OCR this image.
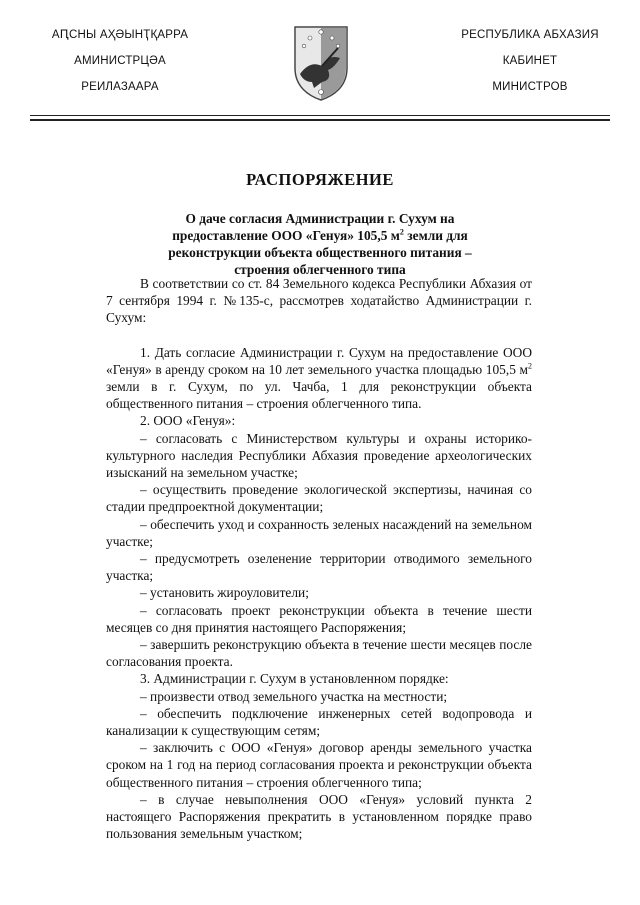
АԤСНЫ АҲӘЫНҬҚАРРА
АМИНИСТРЦӘА
РЕИЛАЗААРА
РЕСПУБЛИКА АБХАЗИЯ
КАБИНЕТ
МИНИСТРОВ
РАСПОРЯЖЕНИЕ
О даче согласия Администрации г. Сухум на предоставление ООО «Генуя» 105,5 $м^2$ земли для реконструкции объекта общественного питания – строения облегченного типа

В соответствии со ст. 84 Земельного кодекса Республики Абхазия от 7 сентября 1994 г. №135-с, рассмотрев ходатайство Администрации г. Сухум:

1. Дать согласие Администрации г. Сухум на предоставление ООО «Генуя» в аренду сроком на 10 лет земельного участка площадью 105,5 $м^2$ земли в г. Сухум, по ул. Чачба, 1 для реконструкции объекта общественного питания – строения облегченного типа.

2. ООО «Генуя»:

– согласовать с Министерством культуры и охраны историко-культурного наследия Республики Абхазия проведение археологических изысканий на земельном участке;

– осуществить проведение экологической экспертизы, начиная со стадии предпроектной документации;

– обеспечить уход и сохранность зеленых насаждений на земельном участке;

– предусмотреть озеленение территории отводимого земельного участка;

– установить жироуловители;

– согласовать проект реконструкции объекта в течение шести месяцев со дня принятия настоящего Распоряжения;

– завершить реконструкцию объекта в течение шести месяцев после согласования проекта.

3. Администрации г. Сухум в установленном порядке:

– произвести отвод земельного участка на местности;

– обеспечить подключение инженерных сетей водопровода и канализации к существующим сетям;

– заключить с ООО «Генуя» договор аренды земельного участка сроком на 1 год на период согласования проекта и реконструкции объекта общественного питания – строения облегченного типа;

– в случае невыполнения ООО «Генуя» условий пункта 2 настоящего Распоряжения прекратить в установленном порядке право пользования земельным участком;
